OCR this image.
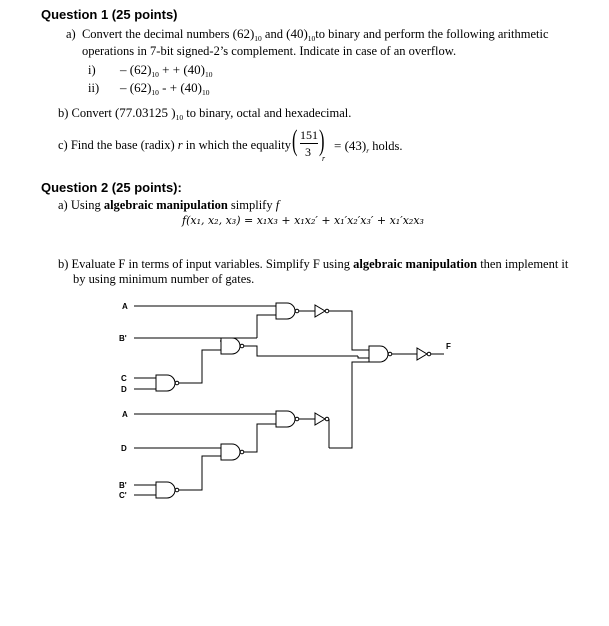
Question 1 (25 points)
a) Convert the decimal numbers $(62)_{10}$ and $(40)_{10}to$ binary and perform the following arithmetic
operations in 7-bit signed-2’s complement. Indicate in case of an overflow.
$i) - (62)_{10}$ + + $(40)_{10}$
$ii) - (62)_{10}$ - + $(40)_{10}$
b) Convert (77.03125 )$_{10}$ to binary, octal and hexadecimal.
c) Find the base (radix) r in which the equality ( 151
3 )
r
= $(43)_r$ holds.
Question 2 (25 points):
a) Using algebraic manipulation simplify f
f(x₁, x₂, x₃) = x₁x₃ + x₁x₂′ + x₁′x₂′x₃′ + x₁′x₂x₃
b) Evaluate F in terms of input variables. Simplify F using algebraic manipulation then implement it
by using minimum number of gates.
A
B'
C
D
A
D
B'
C'
F
